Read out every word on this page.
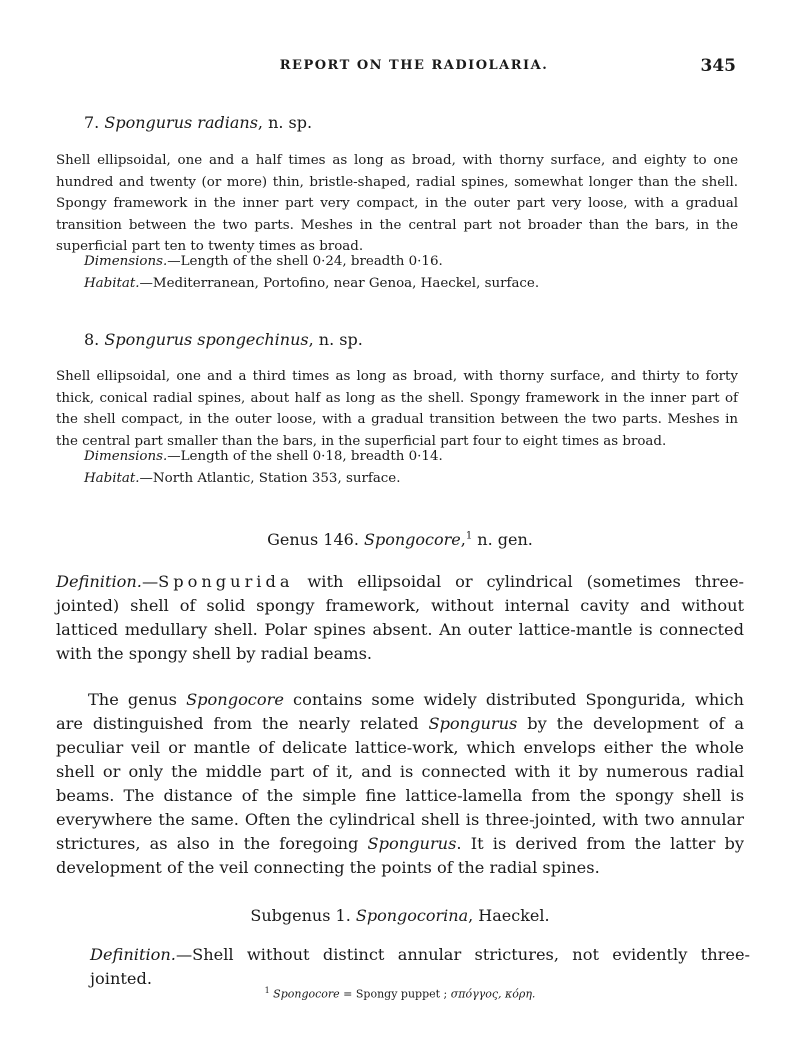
REPORT ON THE RADIOLARIA.	345
7. Spongurus radians, n. sp.
Shell ellipsoidal, one and a half times as long as broad, with thorny surface, and eighty to one hundred and twenty (or more) thin, bristle-shaped, radial spines, somewhat longer than the shell. Spongy framework in the inner part very compact, in the outer part very loose, with a gradual transition between the two parts. Meshes in the central part not broader than the bars, in the superficial part ten to twenty times as broad.
Dimensions.—Length of the shell 0·24, breadth 0·16.
Habitat.—Mediterranean, Portofino, near Genoa, Haeckel, surface.
8. Spongurus spongechinus, n. sp.
Shell ellipsoidal, one and a third times as long as broad, with thorny surface, and thirty to forty thick, conical radial spines, about half as long as the shell. Spongy framework in the inner part of the shell compact, in the outer loose, with a gradual transition between the two parts. Meshes in the central part smaller than the bars, in the superficial part four to eight times as broad.
Dimensions.—Length of the shell 0·18, breadth 0·14.
Habitat.—North Atlantic, Station 353, surface.
Genus 146. Spongocore,$^1$ n. gen.
Definition.—Spongurida with ellipsoidal or cylindrical (sometimes three-jointed) shell of solid spongy framework, without internal cavity and without latticed medullary shell. Polar spines absent. An outer lattice-mantle is connected with the spongy shell by radial beams.
The genus Spongocore contains some widely distributed Spongurida, which are distinguished from the nearly related Spongurus by the development of a peculiar veil or mantle of delicate lattice-work, which envelops either the whole shell or only the middle part of it, and is connected with it by numerous radial beams. The distance of the simple fine lattice-lamella from the spongy shell is everywhere the same. Often the cylindrical shell is three-jointed, with two annular strictures, as also in the foregoing Spongurus. It is derived from the latter by development of the veil connecting the points of the radial spines.
Subgenus 1. Spongocorina, Haeckel.
Definition.—Shell without distinct annular strictures, not evidently three-jointed.
$^1$ Spongocore = Spongy puppet ; σπόγγος, κόρη.
